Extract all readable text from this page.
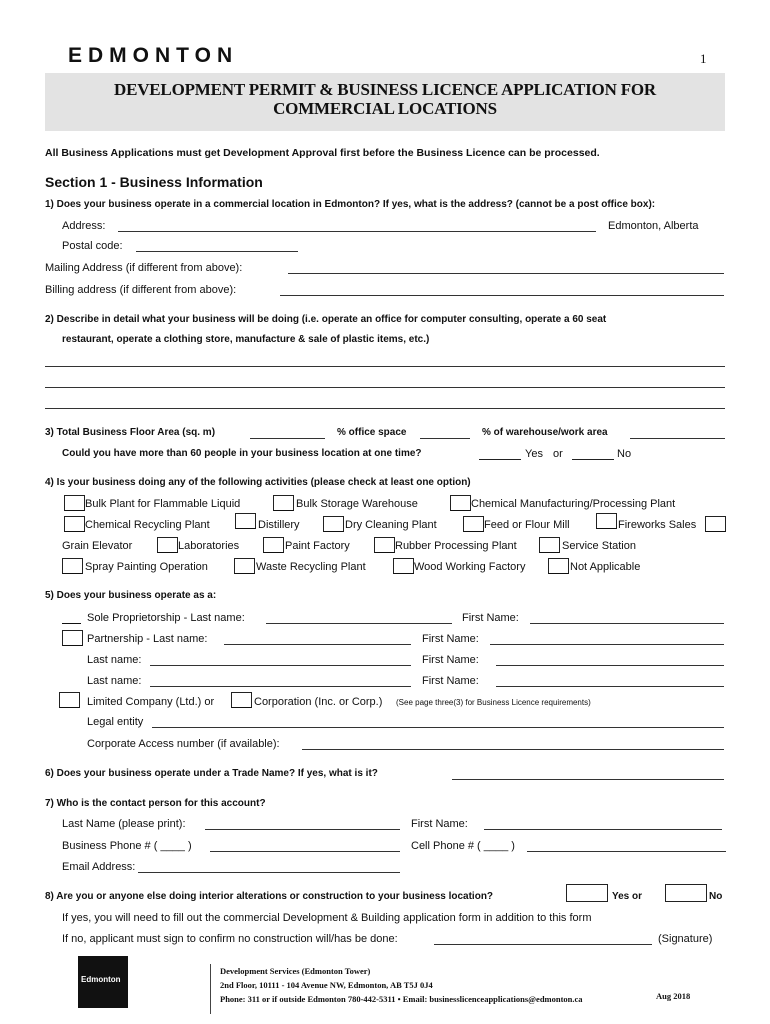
EDMONTON	1
DEVELOPMENT PERMIT & BUSINESS LICENCE APPLICATION FOR
COMMERCIAL LOCATIONS
All Business Applications must get Development Approval first before the Business Licence can be processed.
Section 1 - Business Information
1) Does your business operate in a commercial location in Edmonton? If yes, what is the address? (cannot be a post office box):
Address:	Edmonton, Alberta
Postal code:
Mailing Address (if different from above):
Billing address (if different from above):
2) Describe in detail what your business will be doing (i.e. operate an office for computer consulting, operate a 60 seat
restaurant, operate a clothing store, manufacture & sale of plastic items, etc.)
3) Total Business Floor Area (sq. m)	% office space	% of warehouse/work area
Could you have more than 60 people in your business location at one time?	Yes or	No
4) Is your business doing any of the following activities (please check at least one option)
Bulk Plant for Flammable Liquid	Bulk Storage Warehouse	Chemical Manufacturing/Processing Plant
Chemical Recycling Plant	Distillery	Dry Cleaning Plant	Feed or Flour Mill	Fireworks Sales
Grain Elevator	Laboratories	Paint Factory	Rubber Processing Plant	Service Station
Spray Painting Operation	Waste Recycling Plant	Wood Working Factory	Not Applicable
5) Does your business operate as a:
Sole Proprietorship - Last name:	First Name:
Partnership - Last name:	First Name:
Last name:	First Name:
Last name:	First Name:
Limited Company (Ltd.) or	Corporation (Inc. or Corp.) (See page three(3) for Business Licence requirements)
Legal entity
Corporate Access number (if available):
6) Does your business operate under a Trade Name? If yes, what is it?
7) Who is the contact person for this account?
Last Name (please print):	First Name:
Business Phone # ( ____ )	Cell Phone # ( ____ )
Email Address:
8) Are you or anyone else doing interior alterations or construction to your business location?	Yes or	No
If yes, you will need to fill out the commercial Development & Building application form in addition to this form
If no, applicant must sign to confirm no construction will/has be done:	(Signature)
Edmonton
Development Services (Edmonton Tower)
2nd Floor, 10111 - 104 Avenue NW, Edmonton, AB T5J 0J4
Phone: 311 or if outside Edmonton 780-442-5311 • Email: businesslicenceapplications@edmonton.ca	Aug 2018
